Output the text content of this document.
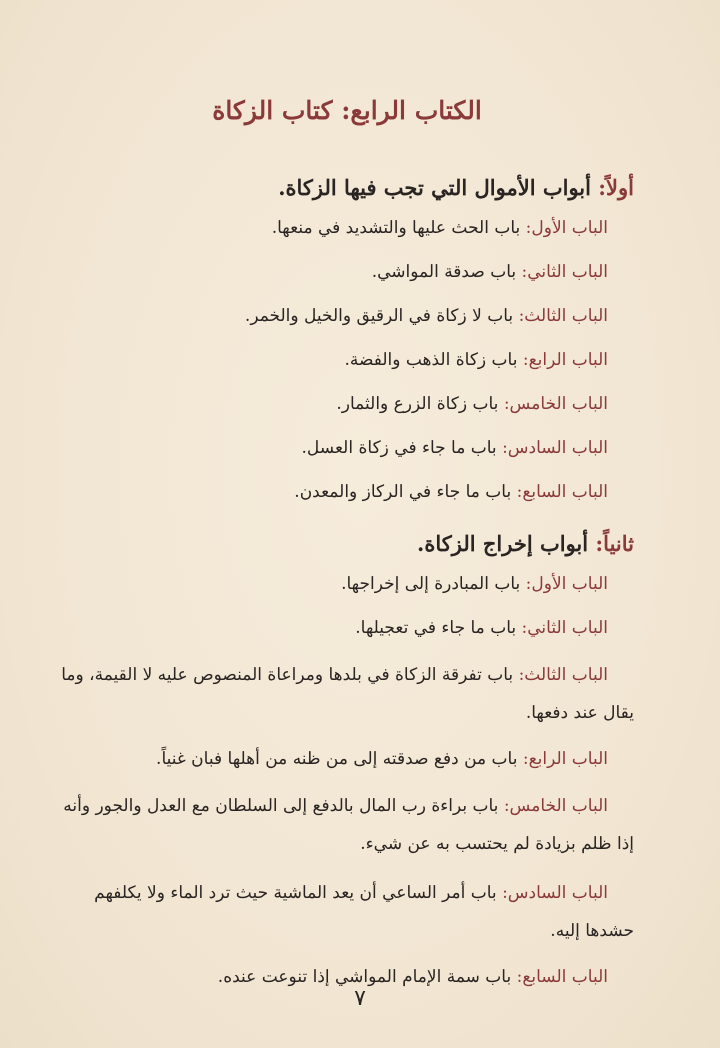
الكتاب الرابع: كتاب الزكاة
أولاً: أبواب الأموال التي تجب فيها الزكاة.
الباب الأول: باب الحث عليها والتشديد في منعها.
الباب الثاني: باب صدقة المواشي.
الباب الثالث: باب لا زكاة في الرقيق والخيل والخمر.
الباب الرابع: باب زكاة الذهب والفضة.
الباب الخامس: باب زكاة الزرع والثمار.
الباب السادس: باب ما جاء في زكاة العسل.
الباب السابع: باب ما جاء في الركاز والمعدن.
ثانياً: أبواب إخراج الزكاة.
الباب الأول: باب المبادرة إلى إخراجها.
الباب الثاني: باب ما جاء في تعجيلها.
الباب الثالث: باب تفرقة الزكاة في بلدها ومراعاة المنصوص عليه لا القيمة، وما يقال عند دفعها.
الباب الرابع: باب من دفع صدقته إلى من ظنه من أهلها فبان غنياً.
الباب الخامس: باب براءة رب المال بالدفع إلى السلطان مع العدل والجور وأنه إذا ظلم بزيادة لم يحتسب به عن شيء.
الباب السادس: باب أمر الساعي أن يعد الماشية حيث ترد الماء ولا يكلفهم حشدها إليه.
الباب السابع: باب سمة الإمام المواشي إذا تنوعت عنده.
٧
